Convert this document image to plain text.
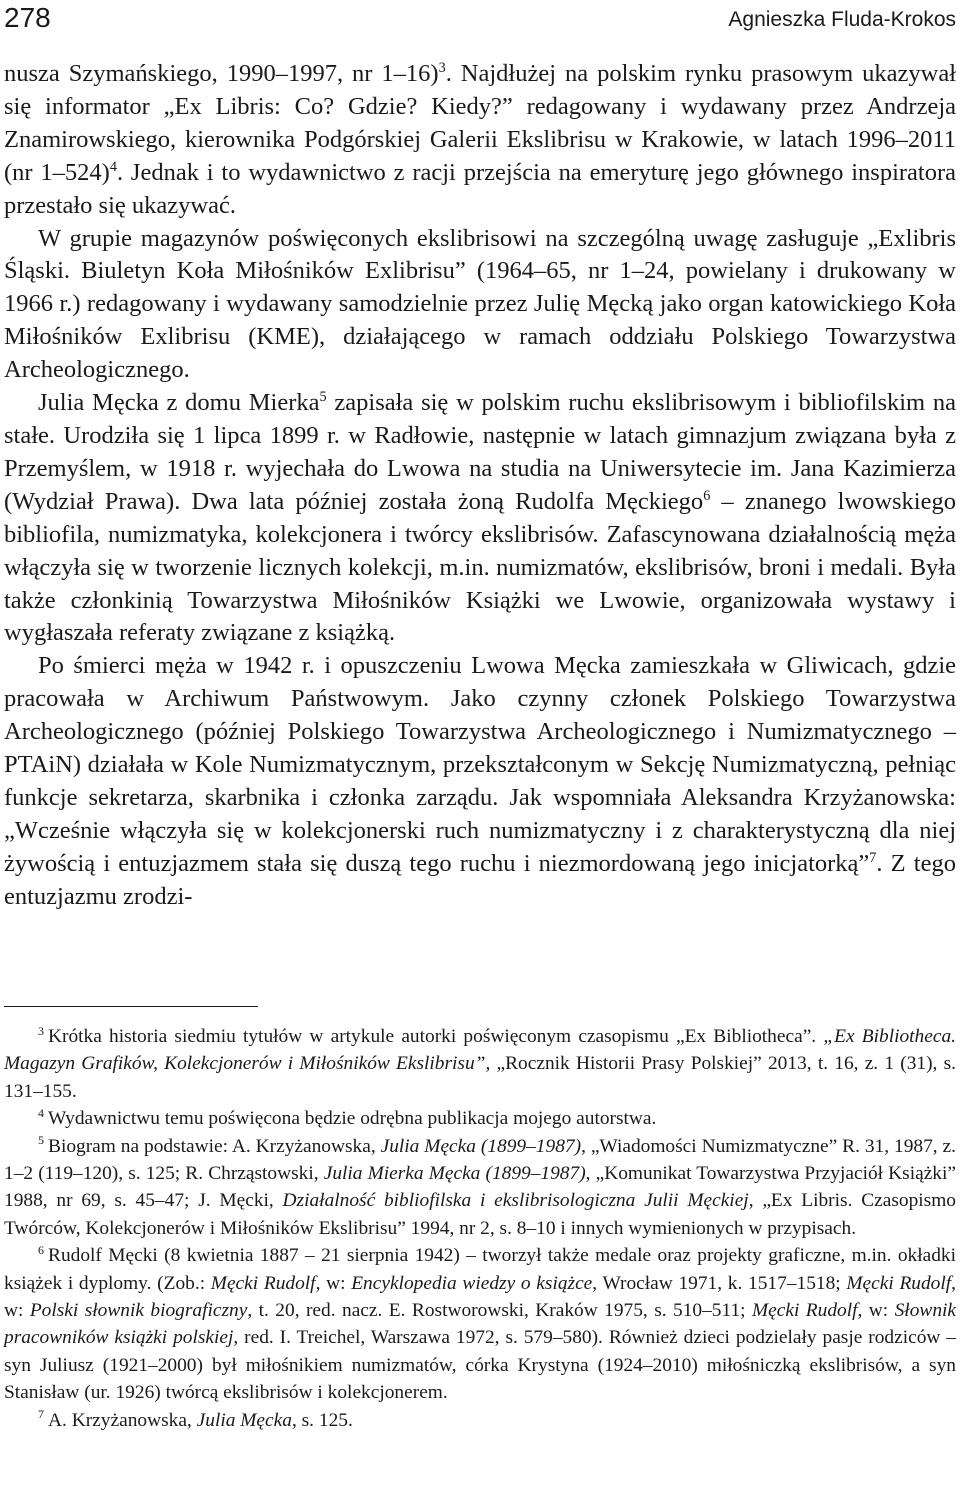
278	Agnieszka Fluda-Krokos

nusza Szymańskiego, 1990–1997, nr 1–16)$^3$. Najdłużej na polskim rynku prasowym ukazywał się informator „Ex Libris: Co? Gdzie? Kiedy?” redagowany i wydawany przez Andrzeja Znamirowskiego, kierownika Podgórskiej Galerii Ekslibrisu w Krakowie, w latach 1996–2011 (nr 1–524)$^4$. Jednak i to wydawnictwo z racji przejścia na emeryturę jego głównego inspiratora przestało się ukazywać.

W grupie magazynów poświęconych ekslibrisowi na szczególną uwagę zasługuje „Exlibris Śląski. Biuletyn Koła Miłośników Exlibrisu” (1964–65, nr 1–24, powielany i drukowany w 1966 r.) redagowany i wydawany samodzielnie przez Julię Męcką jako organ katowickiego Koła Miłośników Exlibrisu (KME), działającego w ramach oddziału Polskiego Towarzystwa Archeologicznego.

Julia Męcka z domu Mierka$^5$ zapisała się w polskim ruchu ekslibrisowym i bibliofilskim na stałe. Urodziła się 1 lipca 1899 r. w Radłowie, następnie w latach gimnazjum związana była z Przemyślem, w 1918 r. wyjechała do Lwowa na studia na Uniwersytecie im. Jana Kazimierza (Wydział Prawa). Dwa lata później została żoną Rudolfa Męckiego$^6$ – znanego lwowskiego bibliofila, numizmatyka, kolekcjonera i twórcy ekslibrisów. Zafascynowana działalnością męża włączyła się w tworzenie licznych kolekcji, m.in. numizmatów, ekslibrisów, broni i medali. Była także członkinią Towarzystwa Miłośników Książki we Lwowie, organizowała wystawy i wygłaszała referaty związane z książką.

Po śmierci męża w 1942 r. i opuszczeniu Lwowa Męcka zamieszkała w Gliwicach, gdzie pracowała w Archiwum Państwowym. Jako czynny członek Polskiego Towarzystwa Archeologicznego (później Polskiego Towarzystwa Archeologicznego i Numizmatycznego – PTAiN) działała w Kole Numizmatycznym, przekształconym w Sekcję Numizmatyczną, pełniąc funkcje sekretarza, skarbnika i członka zarządu. Jak wspomniała Aleksandra Krzyżanowska: „Wcześnie włączyła się w kolekcjonerski ruch numizmatyczny i z charakterystyczną dla niej żywością i entuzjazmem stała się duszą tego ruchu i niezmordowaną jego inicjatorką”$^7$. Z tego entuzjazmu zrodzi-

$^3$ Krótka historia siedmiu tytułów w artykule autorki poświęconym czasopismu „Ex Bibliotheca”. „Ex Bibliotheca. Magazyn Grafików, Kolekcjonerów i Miłośników Ekslibrisu”, „Rocznik Historii Prasy Polskiej” 2013, t. 16, z. 1 (31), s. 131–155.

$^4$ Wydawnictwu temu poświęcona będzie odrębna publikacja mojego autorstwa.

$^5$ Biogram na podstawie: A. Krzyżanowska, Julia Męcka (1899–1987), „Wiadomości Numizmatyczne” R. 31, 1987, z. 1–2 (119–120), s. 125; R. Chrząstowski, Julia Mierka Męcka (1899–1987), „Komunikat Towarzystwa Przyjaciół Książki” 1988, nr 69, s. 45–47; J. Męcki, Działalność bibliofilska i ekslibrisologiczna Julii Męckiej, „Ex Libris. Czasopismo Twórców, Kolekcjonerów i Miłośników Ekslibrisu” 1994, nr 2, s. 8–10 i innych wymienionych w przypisach.

$^6$ Rudolf Męcki (8 kwietnia 1887 – 21 sierpnia 1942) – tworzył także medale oraz projekty graficzne, m.in. okładki książek i dyplomy. (Zob.: Męcki Rudolf, w: Encyklopedia wiedzy o książce, Wrocław 1971, k. 1517–1518; Męcki Rudolf, w: Polski słownik biograficzny, t. 20, red. nacz. E. Rostworowski, Kraków 1975, s. 510–511; Męcki Rudolf, w: Słownik pracowników książki polskiej, red. I. Treichel, Warszawa 1972, s. 579–580). Również dzieci podzielały pasje rodziców – syn Juliusz (1921–2000) był miłośnikiem numizmatów, córka Krystyna (1924–2010) miłośniczką ekslibrisów, a syn Stanisław (ur. 1926) twórcą ekslibrisów i kolekcjonerem.

$^7$ A. Krzyżanowska, Julia Męcka, s. 125.
